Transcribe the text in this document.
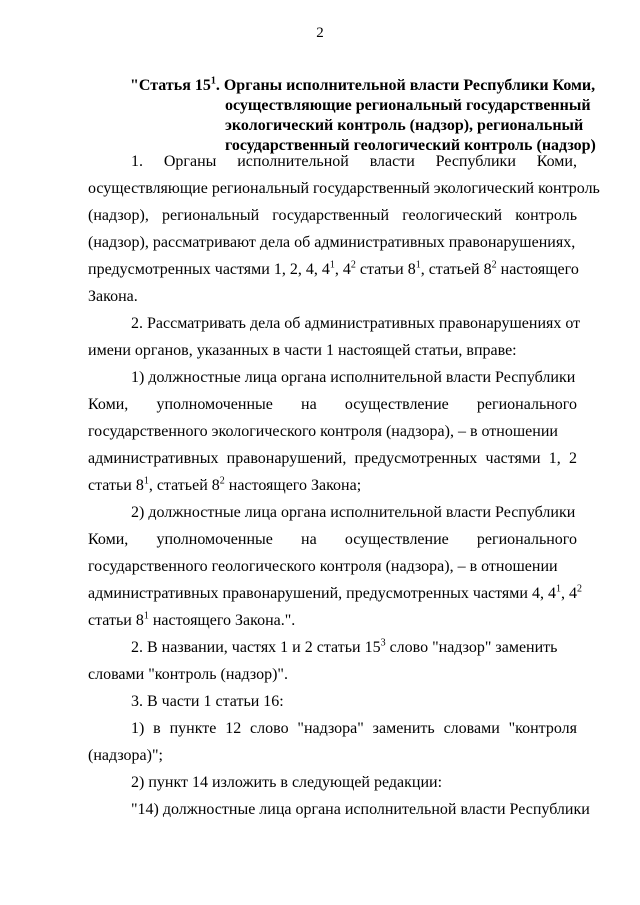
2
"Статья $15^1$. Органы исполнительной власти Республики Коми,
осуществляющие региональный государственный
экологический контроль (надзор), региональный
государственный геологический контроль (надзор)
1. Органы исполнительной власти Республики Коми,
осуществляющие региональный государственный экологический контроль
(надзор), региональный государственный геологический контроль
(надзор), рассматривают дела об административных правонарушениях,
предусмотренных частями 1, 2, 4, $4^1$, $4^2$ статьи $8^1$, статьей $8^2$ настоящего
Закона.
2. Рассматривать дела об административных правонарушениях от
имени органов, указанных в части 1 настоящей статьи, вправе:
1) должностные лица органа исполнительной власти Республики
Коми, уполномоченные на осуществление регионального
государственного экологического контроля (надзора), – в отношении
административных правонарушений, предусмотренных частями 1, 2
статьи $8^1$, статьей $8^2$ настоящего Закона;
2) должностные лица органа исполнительной власти Республики
Коми, уполномоченные на осуществление регионального
государственного геологического контроля (надзора), – в отношении
административных правонарушений, предусмотренных частями 4, $4^1$, $4^2$
статьи $8^1$ настоящего Закона.".
2. В названии, частях 1 и 2 статьи $15^3$ слово "надзор" заменить
словами "контроль (надзор)".
3. В части 1 статьи 16:
1) в пункте 12 слово "надзора" заменить словами "контроля
(надзора)";
2) пункт 14 изложить в следующей редакции:
"14) должностные лица органа исполнительной власти Республики
